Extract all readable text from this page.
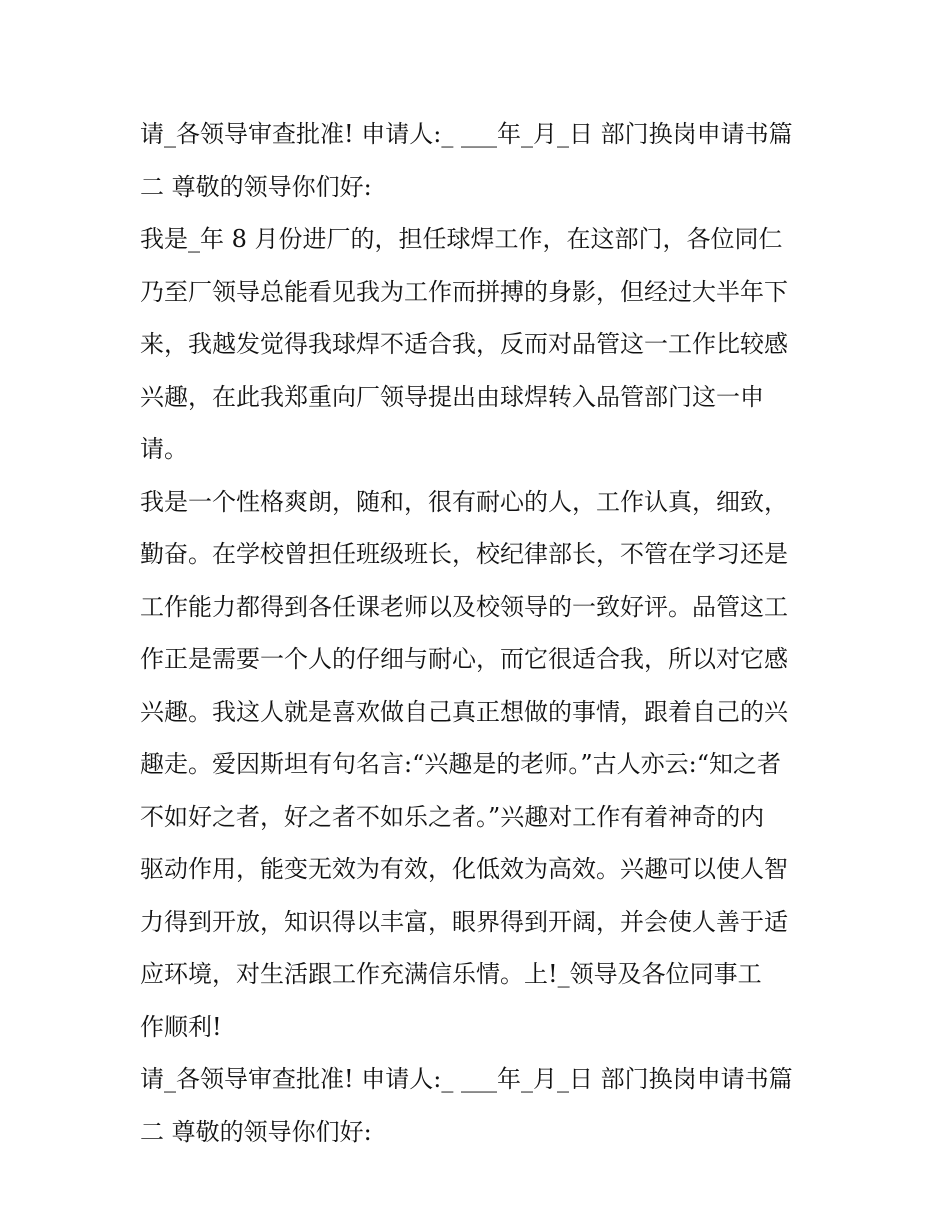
请_各领导审查批准! 申请人:_ ___年_月_日 部门换岗申请书篇
二 尊敬的领导你们好:
我是_年 8 月份进厂的，担任球焊工作，在这部门，各位同仁
乃至厂领导总能看见我为工作而拼搏的身影，但经过大半年下
来，我越发觉得我球焊不适合我，反而对品管这一工作比较感
兴趣，在此我郑重向厂领导提出由球焊转入品管部门这一申
请。
我是一个性格爽朗，随和，很有耐心的人，工作认真，细致，
勤奋。在学校曾担任班级班长，校纪律部长，不管在学习还是
工作能力都得到各任课老师以及校领导的一致好评。品管这工
作正是需要一个人的仔细与耐心，而它很适合我，所以对它感
兴趣。我这人就是喜欢做自己真正想做的事情，跟着自己的兴
趣走。爱因斯坦有句名言:“兴趣是的老师。”古人亦云:“知之者
不如好之者，好之者不如乐之者。”兴趣对工作有着神奇的内
驱动作用，能变无效为有效，化低效为高效。兴趣可以使人智
力得到开放，知识得以丰富，眼界得到开阔，并会使人善于适
应环境，对生活跟工作充满信乐情。上!_领导及各位同事工
作顺利!
请_各领导审查批准! 申请人:_ ___年_月_日 部门换岗申请书篇
二 尊敬的领导你们好:
